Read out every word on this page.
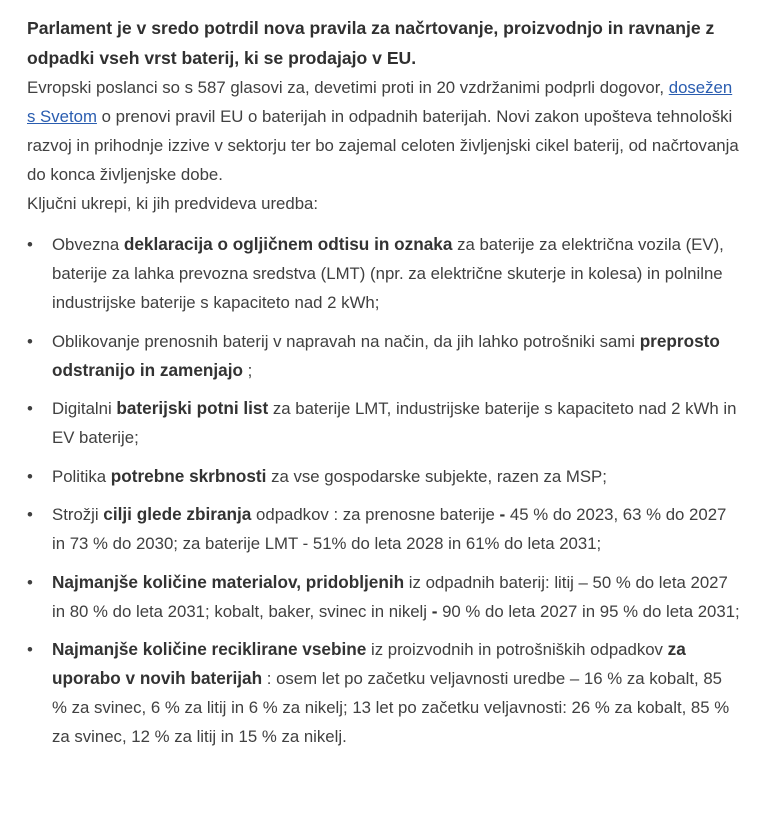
Parlament je v sredo potrdil nova pravila za načrtovanje, proizvodnjo in ravnanje z odpadki vseh vrst baterij, ki se prodajajo v EU.

Evropski poslanci so s 587 glasovi za, devetimi proti in 20 vzdržanimi podprli dogovor, dosežen s Svetom o prenovi pravil EU o baterijah in odpadnih baterijah. Novi zakon upošteva tehnološki razvoj in prihodnje izzive v sektorju ter bo zajemal celoten življenjski cikel baterij, od načrtovanja do konca življenjske dobe.

Ključni ukrepi, ki jih predvideva uredba:

• Obvezna deklaracija o ogljičnem odtisu in oznaka za baterije za električna vozila (EV), baterije za lahka prevozna sredstva (LMT) (npr. za električne skuterje in kolesa) in polnilne industrijske baterije s kapaciteto nad 2 kWh;
• Oblikovanje prenosnih baterij v napravah na način, da jih lahko potrošniki sami preprosto odstranijo in zamenjajo ;
• Digitalni baterijski potni list za baterije LMT, industrijske baterije s kapaciteto nad 2 kWh in EV baterije;
• Politika potrebne skrbnosti za vse gospodarske subjekte, razen za MSP;
• Strožji cilji glede zbiranja odpadkov : za prenosne baterije - 45 % do 2023, 63 % do 2027 in 73 % do 2030; za baterije LMT - 51% do leta 2028 in 61% do leta 2031;
• Najmanjše količine materialov, pridobljenih iz odpadnih baterij: litij – 50 % do leta 2027 in 80 % do leta 2031; kobalt, baker, svinec in nikelj - 90 % do leta 2027 in 95 % do leta 2031;
• Najmanjše količine reciklirane vsebine iz proizvodnih in potrošniških odpadkov za uporabo v novih baterijah : osem let po začetku veljavnosti uredbe – 16 % za kobalt, 85 % za svinec, 6 % za litij in 6 % za nikelj; 13 let po začetku veljavnosti: 26 % za kobalt, 85 % za svinec, 12 % za litij in 15 % za nikelj.
